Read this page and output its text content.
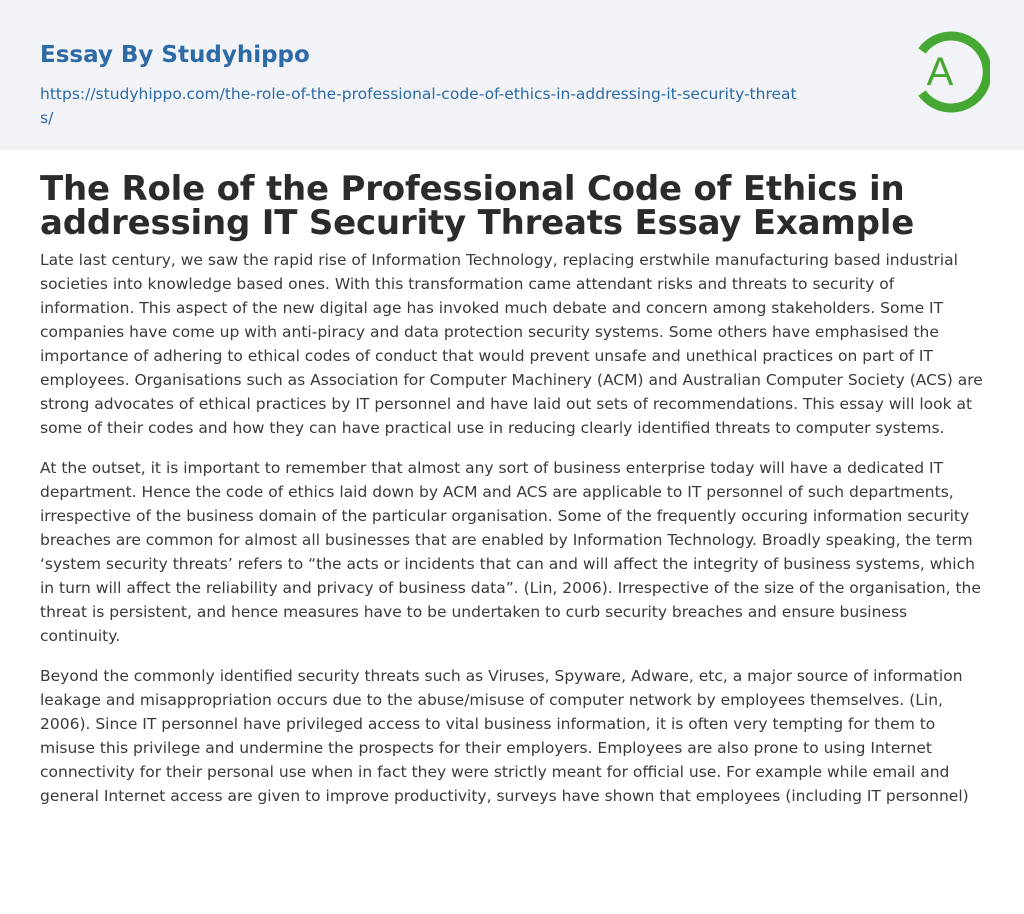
Essay By Studyhippo
https://studyhippo.com/the-role-of-the-professional-code-of-ethics-in-addressing-it-security-threats/
A
The Role of the Professional Code of Ethics in addressing IT Security Threats Essay Example

Late last century, we saw the rapid rise of Information Technology, replacing erstwhile manufacturing based industrial societies into knowledge based ones. With this transformation came attendant risks and threats to security of information. This aspect of the new digital age has invoked much debate and concern among stakeholders. Some IT companies have come up with anti-piracy and data protection security systems. Some others have emphasised the importance of adhering to ethical codes of conduct that would prevent unsafe and unethical practices on part of IT employees. Organisations such as Association for Computer Machinery (ACM) and Australian Computer Society (ACS) are strong advocates of ethical practices by IT personnel and have laid out sets of recommendations. This essay will look at some of their codes and how they can have practical use in reducing clearly identified threats to computer systems.

At the outset, it is important to remember that almost any sort of business enterprise today will have a dedicated IT department. Hence the code of ethics laid down by ACM and ACS are applicable to IT personnel of such departments, irrespective of the business domain of the particular organisation. Some of the frequently occuring information security breaches are common for almost all businesses that are enabled by Information Technology. Broadly speaking, the term ‘system security threats’ refers to “the acts or incidents that can and will affect the integrity of business systems, which in turn will affect the reliability and privacy of business data”. (Lin, 2006). Irrespective of the size of the organisation, the threat is persistent, and hence measures have to be undertaken to curb security breaches and ensure business continuity.

Beyond the commonly identified security threats such as Viruses, Spyware, Adware, etc, a major source of information leakage and misappropriation occurs due to the abuse/misuse of computer network by employees themselves. (Lin, 2006). Since IT personnel have privileged access to vital business information, it is often very tempting for them to misuse this privilege and undermine the prospects for their employers. Employees are also prone to using Internet connectivity for their personal use when in fact they were strictly meant for official use. For example while email and general Internet access are given to improve productivity, surveys have shown that employees (including IT personnel)
